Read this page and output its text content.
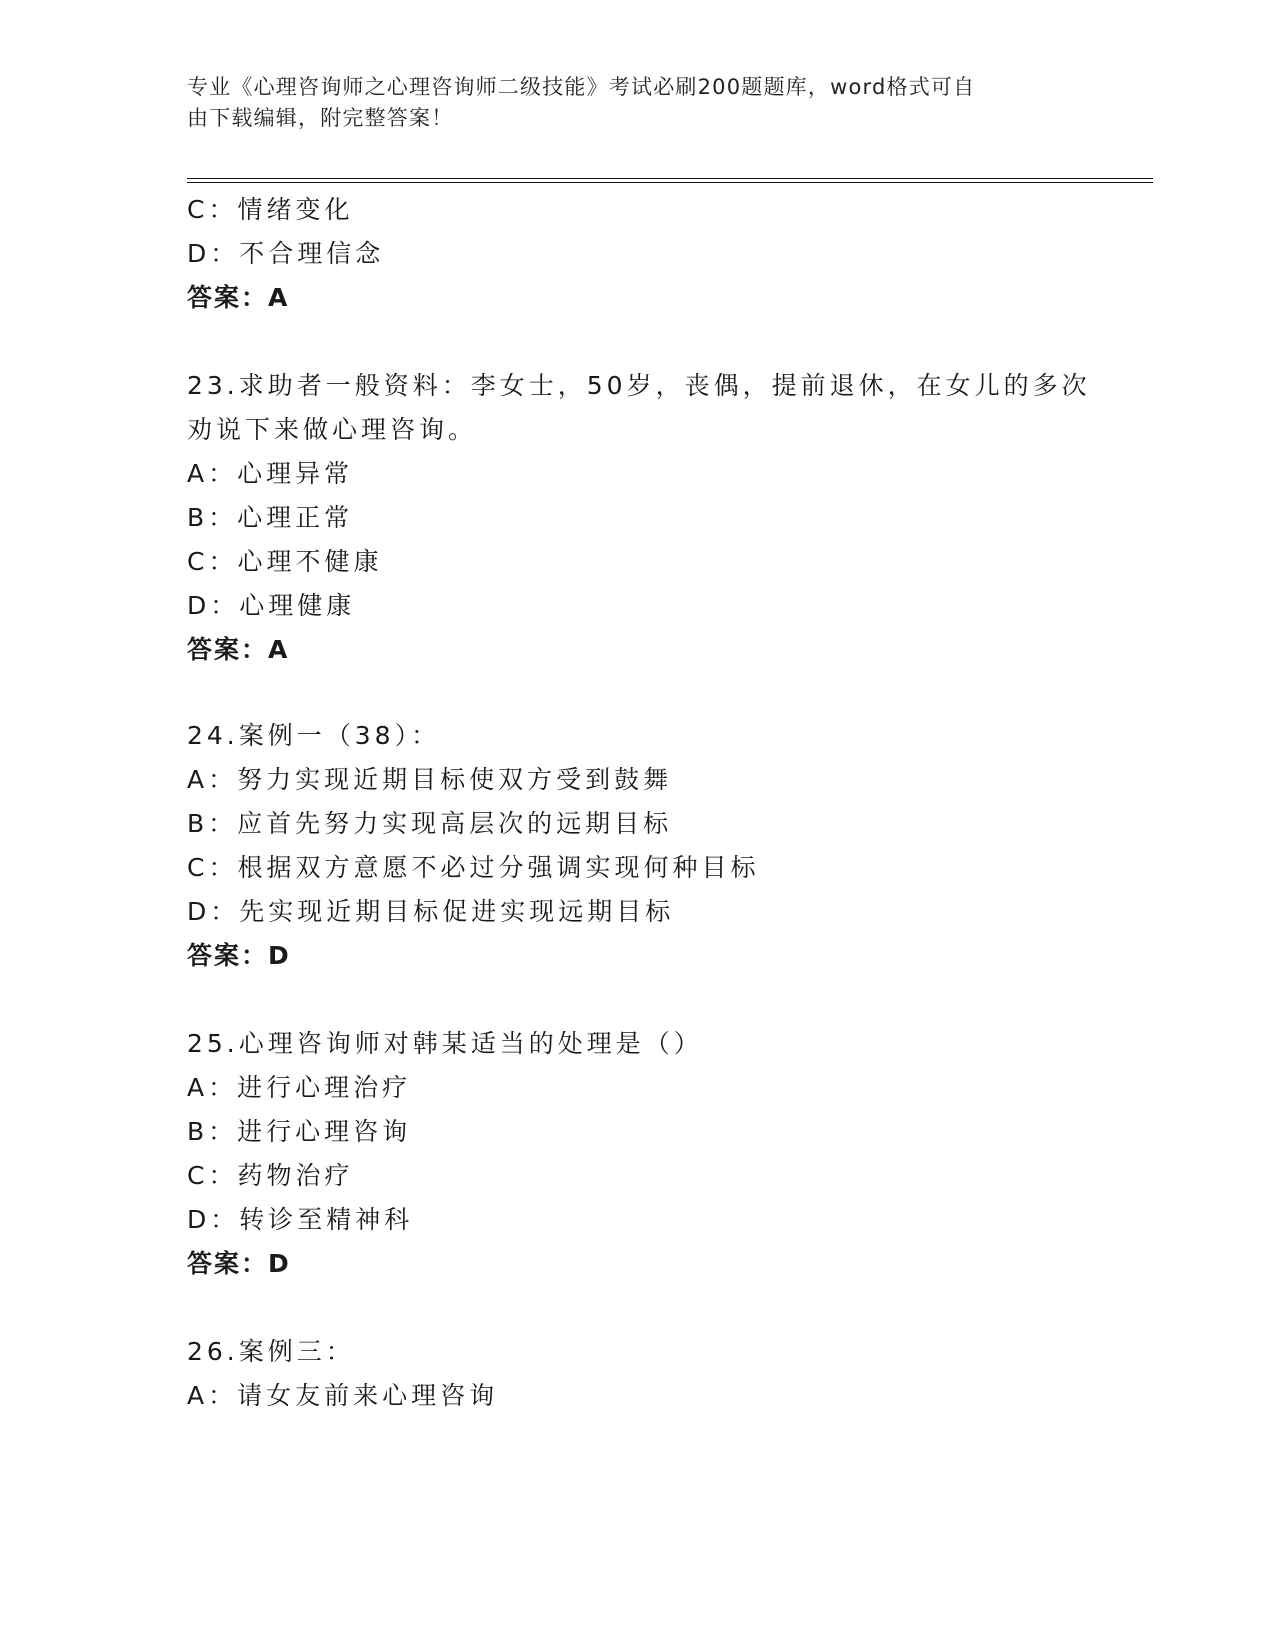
专业《心理咨询师之心理咨询师二级技能》考试必刷200题题库，word格式可自
由下载编辑，附完整答案！
C：情绪变化
D：不合理信念
答案：A
23.求助者一般资料：李女士，50岁，丧偶，提前退休，在女儿的多次
劝说下来做心理咨询。
A：心理异常
B：心理正常
C：心理不健康
D：心理健康
答案：A
24.案例一（38）：
A：努力实现近期目标使双方受到鼓舞
B：应首先努力实现高层次的远期目标
C：根据双方意愿不必过分强调实现何种目标
D：先实现近期目标促进实现远期目标
答案：D
25.心理咨询师对韩某适当的处理是（）
A：进行心理治疗
B：进行心理咨询
C：药物治疗
D：转诊至精神科
答案：D
26.案例三：
A：请女友前来心理咨询
